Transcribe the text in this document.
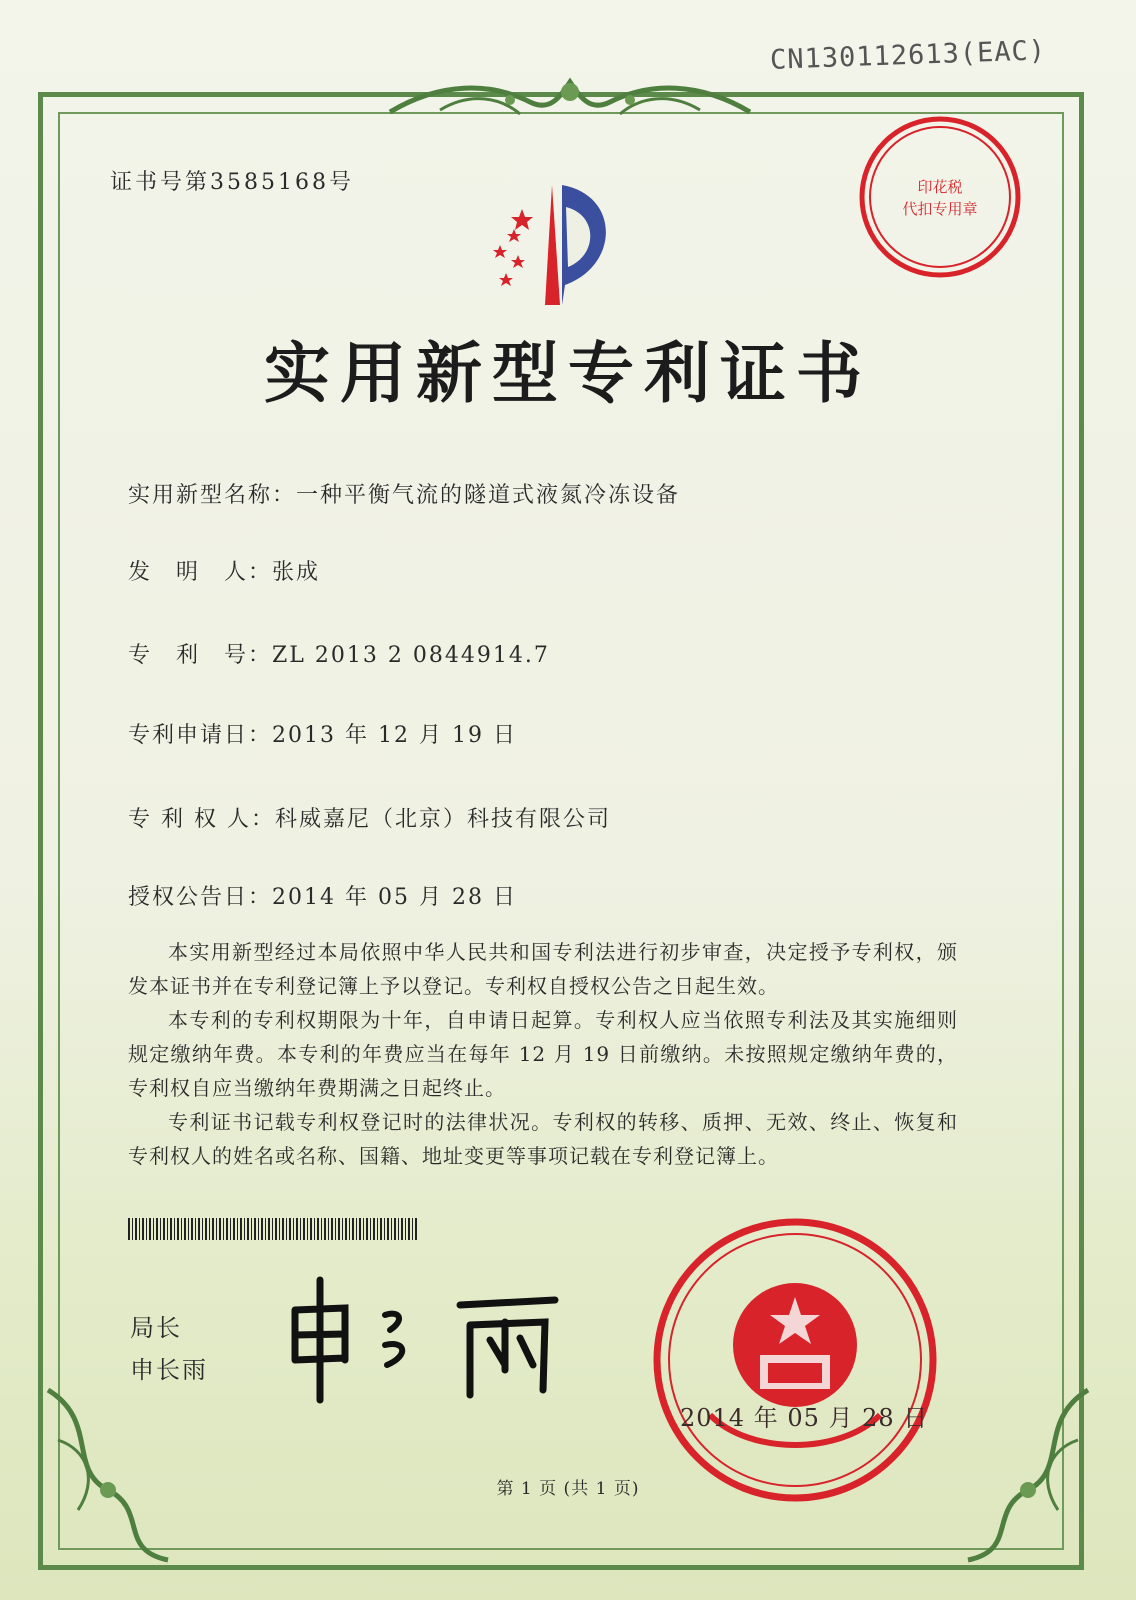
CN130112613(EAC)
证书号第3585168号
实用新型专利证书
实用新型名称：一种平衡气流的隧道式液氮冷冻设备
发　明　人：张成
专　利　号：ZL 2013 2 0844914.7
专利申请日：2013 年 12 月 19 日
专 利 权 人：科威嘉尼（北京）科技有限公司
授权公告日：2014 年 05 月 28 日

本实用新型经过本局依照中华人民共和国专利法进行初步审查，决定授予专利权，颁发本证书并在专利登记簿上予以登记。专利权自授权公告之日起生效。

本专利的专利权期限为十年，自申请日起算。专利权人应当依照专利法及其实施细则规定缴纳年费。本专利的年费应当在每年 12 月 19 日前缴纳。未按照规定缴纳年费的，专利权自应当缴纳年费期满之日起终止。

专利证书记载专利权登记时的法律状况。专利权的转移、质押、无效、终止、恢复和专利权人的姓名或名称、国籍、地址变更等事项记载在专利登记簿上。

局长
申长雨
印花税
代扣专用章
2014 年 05 月 28 日
第 1 页 (共 1 页)
